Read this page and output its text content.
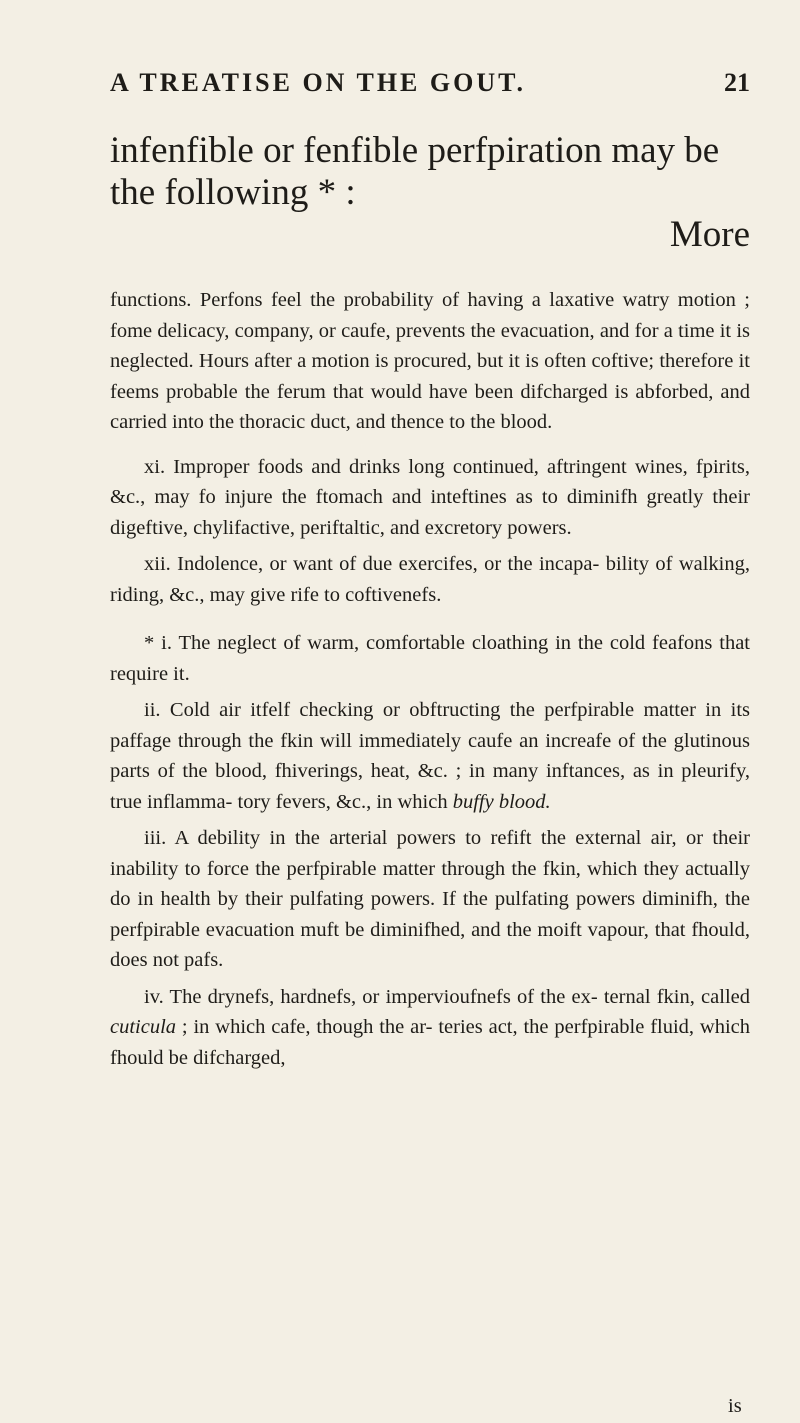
A TREATISE ON THE GOUT.	21
infenfible or fenfible perfpiration may be
the following * :
More

functions. Perfons feel the probability of having a laxative watry motion ; fome delicacy, company, or caufe, prevents the evacuation, and for a time it is neglected. Hours after a motion is procured, but it is often coftive; therefore it feems probable the ferum that would have been difcharged is abforbed, and carried into the thoracic duct, and thence to the blood.

xi. Improper foods and drinks long continued, aftringent wines, fpirits, &c., may fo injure the ftomach and inteftines as to diminifh greatly their digeftive, chylifactive, periftaltic, and excretory powers.

xii. Indolence, or want of due exercifes, or the incapa- bility of walking, riding, &c., may give rife to coftivenefs.

* i. The neglect of warm, comfortable cloathing in the cold feafons that require it.

ii. Cold air itfelf checking or obftructing the perfpirable matter in its paffage through the fkin will immediately caufe an increafe of the glutinous parts of the blood, fhiverings, heat, &c. ; in many inftances, as in pleurify, true inflamma- tory fevers, &c., in which buffy blood.

iii. A debility in the arterial powers to refift the external air, or their inability to force the perfpirable matter through the fkin, which they actually do in health by their pulfating powers. If the pulfating powers diminifh, the perfpirable evacuation muft be diminifhed, and the moift vapour, that fhould, does not pafs.

iv. The drynefs, hardnefs, or impervioufnefs of the ex- ternal fkin, called cuticula ; in which cafe, though the ar- teries act, the perfpirable fluid, which fhould be difcharged,

is
